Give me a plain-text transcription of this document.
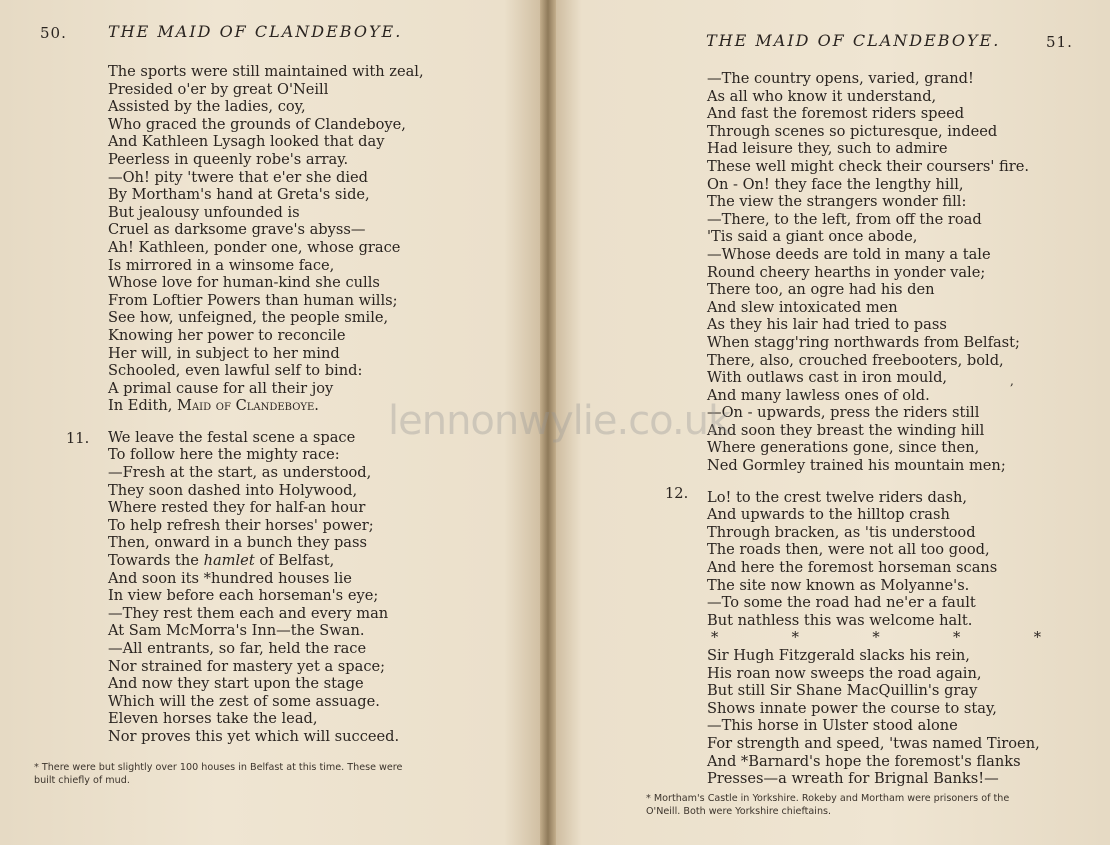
50.	THE MAID OF CLANDEBOYE.
The sports were still maintained with zeal,
Presided o'er by great O'Neill
Assisted by the ladies, coy,
Who graced the grounds of Clandeboye,
And Kathleen Lysagh looked that day
Peerless in queenly robe's array.
—Oh! pity 'twere that e'er she died
By Mortham's hand at Greta's side,
But jealousy unfounded is
Cruel as darksome grave's abyss—
Ah! Kathleen, ponder one, whose grace
Is mirrored in a winsome face,
Whose love for human-kind she culls
From Loftier Powers than human wills;
See how, unfeigned, the people smile,
Knowing her power to reconcile
Her will, in subject to her mind
Schooled, even lawful self to bind:
A primal cause for all their joy
In Edith, Maid of Clandeboye.
We leave the festal scene a space
To follow here the mighty race:
—Fresh at the start, as understood,
They soon dashed into Holywood,
Where rested they for half-an hour
To help refresh their horses' power;
Then, onward in a bunch they pass
Towards the hamlet of Belfast,
And soon its *hundred houses lie
In view before each horseman's eye;
—They rest them each and every man
At Sam McMorra's Inn—the Swan.
—All entrants, so far, held the race
Nor strained for mastery yet a space;
And now they start upon the stage
Which will the zest of some assuage.
Eleven horses take the lead,
Nor proves this yet which will succeed.
11.
* There were but slightly over 100 houses in Belfast at this time. These were
built chiefly of mud.
THE MAID OF CLANDEBOYE.	51.
—The country opens, varied, grand!
As all who know it understand,
And fast the foremost riders speed
Through scenes so picturesque, indeed
Had leisure they, such to admire
These well might check their coursers' fire.
On - On! they face the lengthy hill,
The view the strangers wonder fill:
—There, to the left, from off the road
'Tis said a giant once abode,
—Whose deeds are told in many a tale
Round cheery hearths in yonder vale;
There too, an ogre had his den
And slew intoxicated men
As they his lair had tried to pass
When stagg'ring northwards from Belfast;
There, also, crouched freebooters, bold,
With outlaws cast in iron mould,
And many lawless ones of old.
—On - upwards, press the riders still
And soon they breast the winding hill
Where generations gone, since then,
Ned Gormley trained his mountain men;
Lo! to the crest twelve riders dash,
And upwards to the hilltop crash
Through bracken, as 'tis understood
The roads then, were not all too good,
And here the foremost horseman scans
The site now known as Molyanne's.
—To some the road had ne'er a fault
But nathless this was welcome halt.
*	*	*	*	*
Sir Hugh Fitzgerald slacks his rein,
His roan now sweeps the road again,
But still Sir Shane MacQuillin's gray
Shows innate power the course to stay,
—This horse in Ulster stood alone
For strength and speed, 'twas named Tiroen,
And *Barnard's hope the foremost's flanks
Presses—a wreath for Brignal Banks!—
12.
* Mortham's Castle in Yorkshire. Rokeby and Mortham were prisoners of the
O'Neill. Both were Yorkshire chieftains.
,
lennonwylie.co.uk
